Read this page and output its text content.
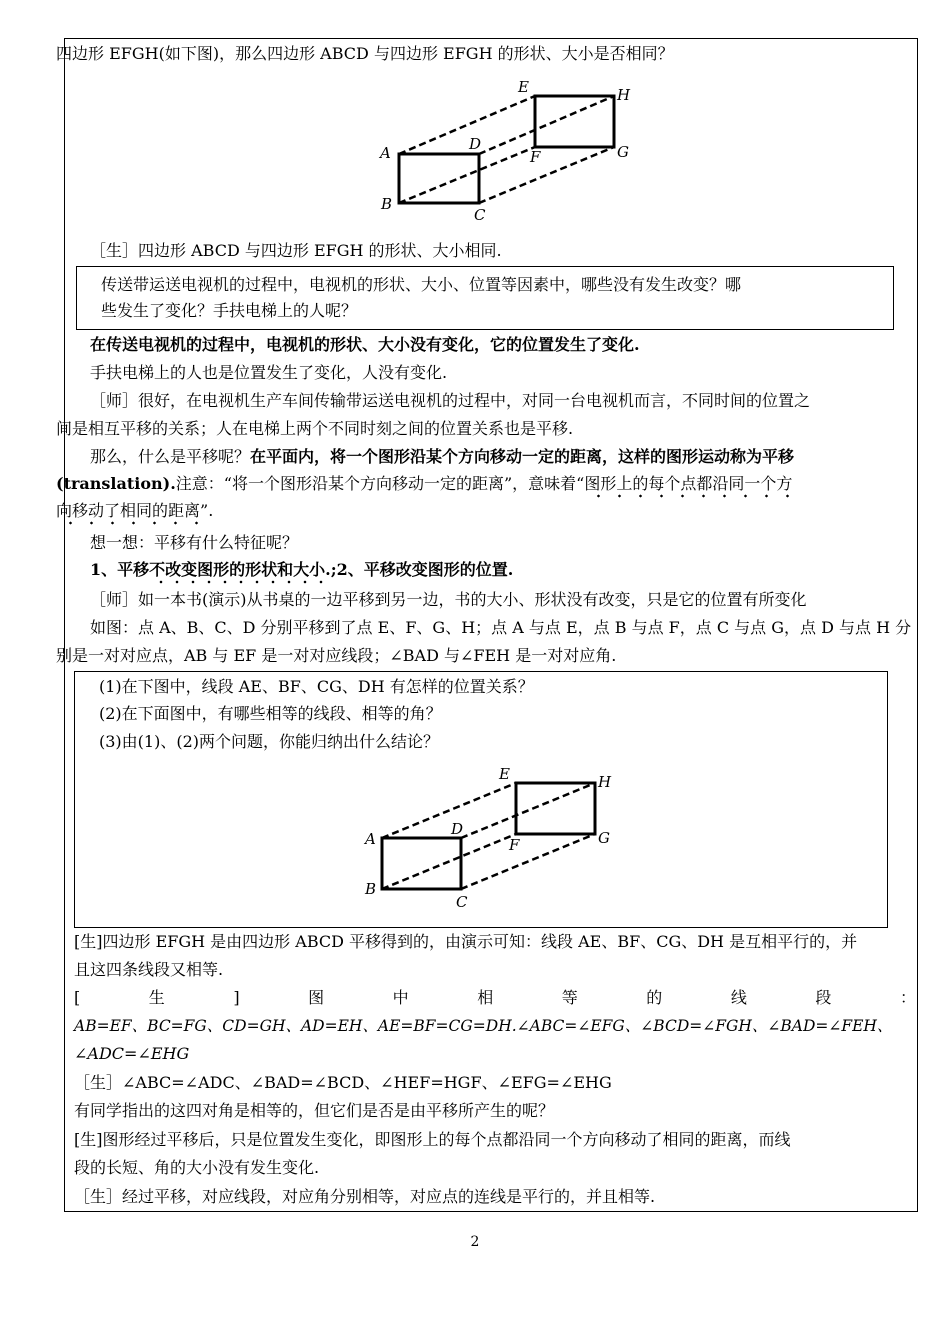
四边形 EFGH(如下图)，那么四边形 ABCD 与四边形 EFGH 的形状、大小是否相同？
A
B
C
D
E
F	G
H
［生］四边形 ABCD 与四边形 EFGH 的形状、大小相同.
传送带运送电视机的过程中，电视机的形状、大小、位置等因素中，哪些没有发生改变？哪
些发生了变化？手扶电梯上的人呢？
在传送电视机的过程中，电视机的形状、大小没有变化，它的位置发生了变化.
手扶电梯上的人也是位置发生了变化，人没有变化.
［师］很好，在电视机生产车间传输带运送电视机的过程中，对同一台电视机而言，不同时间的位置之
间是相互平移的关系；人在电梯上两个不同时刻之间的位置关系也是平移.
那么，什么是平移呢？在平面内，将一个图形沿某个方向移动一定的距离，这样的图形运动称为平移
(translation).注意：“将一个图形沿某个方向移动一定的距离”，意味着“图形上的每个点都沿同一个方
向移动了相同的距离”.
想一想：平移有什么特征呢？
1、平移不改变图形的形状和大小.;2、平移改变图形的位置.
［师］如一本书(演示)从书桌的一边平移到另一边，书的大小、形状没有改变，只是它的位置有所变化
如图：点 A、B、C、D 分别平移到了点 E、F、G、H；点 A 与点 E，点 B 与点 F，点 C 与点 G，点 D 与点 H 分
别是一对对应点，AB 与 EF 是一对对应线段；∠BAD 与∠FEH 是一对对应角.
(1)在下图中，线段 AE、BF、CG、DH 有怎样的位置关系？
(2)在下面图中，有哪些相等的线段、相等的角？
(3)由(1)、(2)两个问题，你能归纳出什么结论？
A
B
C
D
E
F	G
H
[生]四边形 EFGH 是由四边形 ABCD 平移得到的，由演示可知：线段 AE、BF、CG、DH 是互相平行的，并
且这四条线段又相等.
[	生	]	图	中	相	等	的	线	段	：
AB=EF、BC=FG、CD=GH、AD=EH、AE=BF=CG=DH.∠ABC=∠EFG、∠BCD=∠FGH、∠BAD=∠FEH、
∠ADC=∠EHG
［生］∠ABC=∠ADC、∠BAD=∠BCD、∠HEF=HGF、∠EFG=∠EHG
有同学指出的这四对角是相等的，但它们是否是由平移所产生的呢？
[生]图形经过平移后，只是位置发生变化，即图形上的每个点都沿同一个方向移动了相同的距离，而线
段的长短、角的大小没有发生变化.
［生］经过平移，对应线段，对应角分别相等，对应点的连线是平行的，并且相等.
2
